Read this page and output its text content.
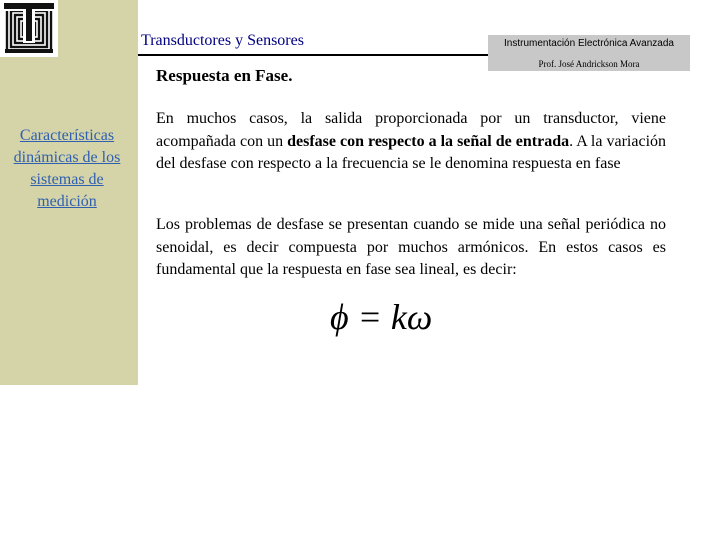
Características dinámicas de los sistemas de medición
Transductores y Sensores	Instrumentación Electrónica Avanzada
Prof. José Andrickson Mora
Respuesta en Fase.
En muchos casos, la salida proporcionada por un transductor, viene acompañada con un desfase con respecto a la señal de entrada. A la variación del desfase con respecto a la frecuencia se le denomina respuesta en fase
Los problemas de desfase se presentan cuando se mide una señal periódica no senoidal, es decir compuesta por muchos armónicos. En estos casos es fundamental que la respuesta en fase sea lineal, es decir:
ϕ = kω
